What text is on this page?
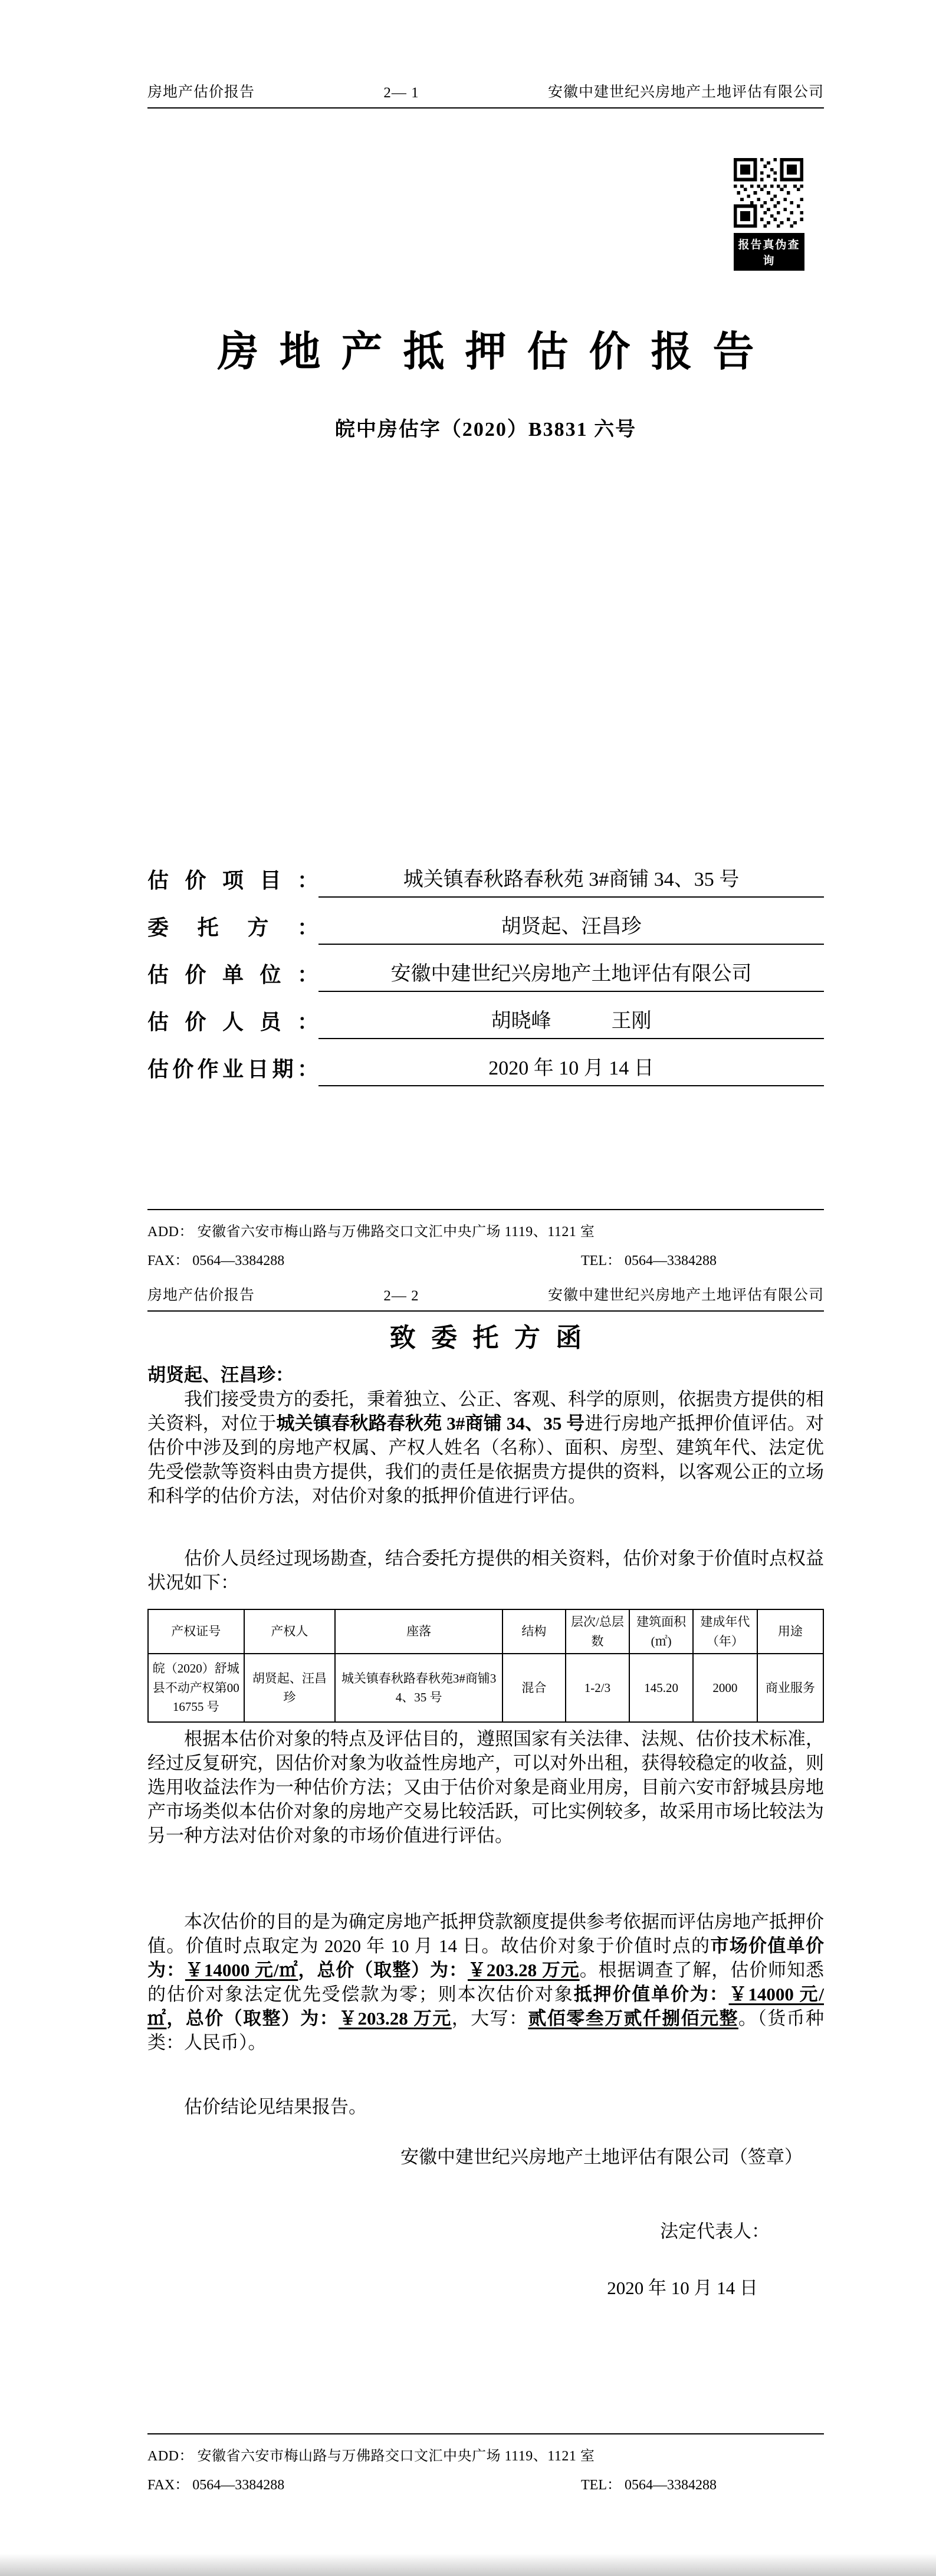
房地产估价报告	2— 1	安徽中建世纪兴房地产土地评估有限公司
报告真伪查询
房地产抵押估价报告
皖中房估字（2020）B3831 六号
估价项目：	城关镇春秋路春秋苑 3#商铺 34、35 号
委托方：	胡贤起、汪昌珍
估价单位：	安徽中建世纪兴房地产土地评估有限公司
估价人员：	胡晓峰　　　王刚
估价作业日期：	2020 年 10 月 14 日
ADD： 安徽省六安市梅山路与万佛路交口文汇中央广场 1119、1121 室
FAX： 0564—3384288	TEL： 0564—3384288
房地产估价报告	2— 2	安徽中建世纪兴房地产土地评估有限公司
致委托方函
胡贤起、汪昌珍：

我们接受贵方的委托，秉着独立、公正、客观、科学的原则，依据贵方提供的相关资料，对位于城关镇春秋路春秋苑 3#商铺 34、35 号进行房地产抵押价值评估。对估价中涉及到的房地产权属、产权人姓名（名称）、面积、房型、建筑年代、法定优先受偿款等资料由贵方提供，我们的责任是依据贵方提供的资料，以客观公正的立场和科学的估价方法，对估价对象的抵押价值进行评估。

估价人员经过现场勘查，结合委托方提供的相关资料，估价对象于价值时点权益状况如下：

产权证号	产权人	座落	结构	层次/总层数	建筑面积(㎡)	建成年代（年）	用途
皖（2020）舒城县不动产权第0016755 号	胡贤起、汪昌珍	城关镇春秋路春秋苑3#商铺34、35 号	混合	1-2/3	145.20	2000	商业服务

根据本估价对象的特点及评估目的，遵照国家有关法律、法规、估价技术标准，经过反复研究，因估价对象为收益性房地产，可以对外出租，获得较稳定的收益，则选用收益法作为一种估价方法；又由于估价对象是商业用房，目前六安市舒城县房地产市场类似本估价对象的房地产交易比较活跃，可比实例较多，故采用市场比较法为另一种方法对估价对象的市场价值进行评估。

本次估价的目的是为确定房地产抵押贷款额度提供参考依据而评估房地产抵押价值。价值时点取定为 2020 年 10 月 14 日。故估价对象于价值时点的市场价值单价为：￥14000 元/㎡，总价（取整）为：￥203.28 万元。根据调查了解，估价师知悉的估价对象法定优先受偿款为零；则本次估价对象抵押价值单价为：￥14000 元/㎡，总价（取整）为：￥203.28 万元，大写：贰佰零叁万贰仟捌佰元整。（货币种类：人民币）。

估价结论见结果报告。

安徽中建世纪兴房地产土地评估有限公司（签章）
法定代表人：
2020 年 10 月 14 日
ADD： 安徽省六安市梅山路与万佛路交口文汇中央广场 1119、1121 室
FAX： 0564—3384288	TEL： 0564—3384288
